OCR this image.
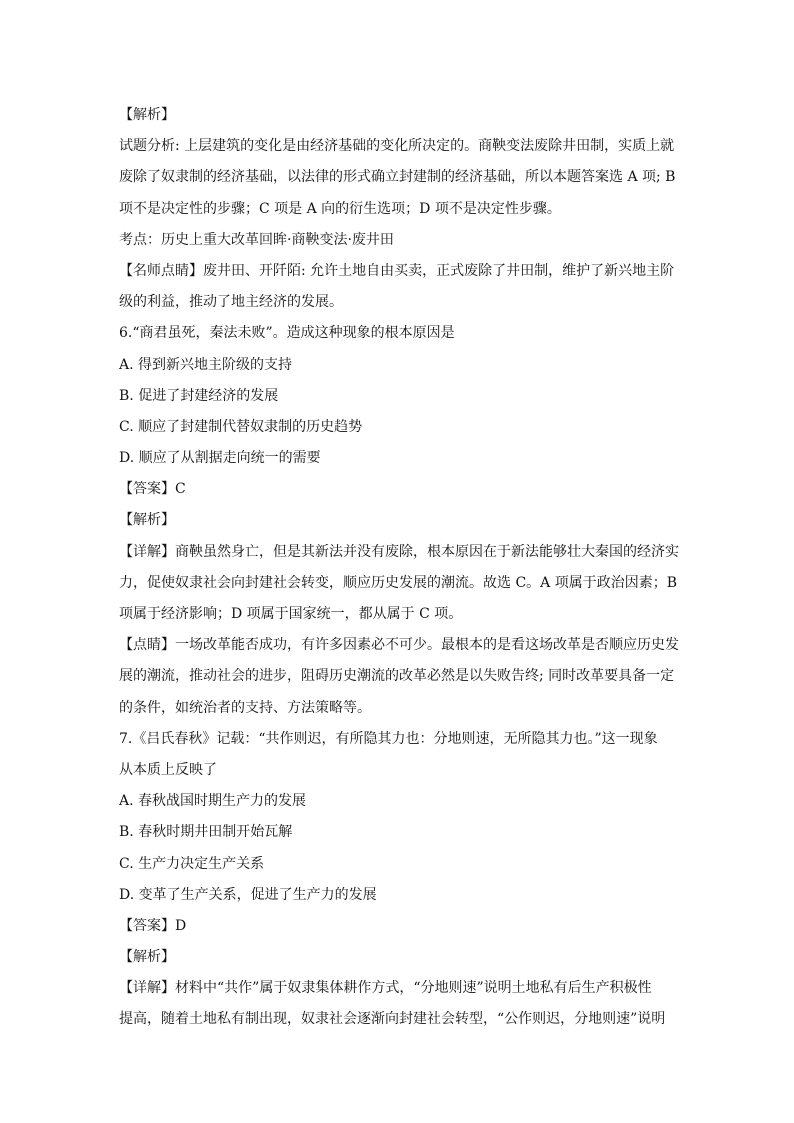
【解析】
试题分析: 上层建筑的变化是由经济基础的变化所决定的。商鞅变法废除井田制，实质上就
废除了奴隶制的经济基础，以法律的形式确立封建制的经济基础，所以本题答案选 A 项; B
项不是决定性的步骤；C 项是 A 向的衍生选项；D 项不是决定性步骤。
考点：历史上重大改革回眸·商鞅变法·废井田
【名师点睛】废井田、开阡陌: 允许土地自由买卖，正式废除了井田制，维护了新兴地主阶
级的利益，推动了地主经济的发展。
6.“商君虽死，秦法未败”。造成这种现象的根本原因是
A. 得到新兴地主阶级的支持
B. 促进了封建经济的发展
C. 顺应了封建制代替奴隶制的历史趋势
D. 顺应了从割据走向统一的需要
【答案】C
【解析】
【详解】商鞅虽然身亡，但是其新法并没有废除，根本原因在于新法能够壮大秦国的经济实
力，促使奴隶社会向封建社会转变，顺应历史发展的潮流。故选 C。A 项属于政治因素；B
项属于经济影响；D 项属于国家统一，都从属于 C 项。
【点睛】一场改革能否成功，有许多因素必不可少。最根本的是看这场改革是否顺应历史发
展的潮流，推动社会的进步，阻碍历史潮流的改革必然是以失败告终; 同时改革要具备一定
的条件，如统治者的支持、方法策略等。
7.《吕氏春秋》记载：“共作则迟，有所隐其力也：分地则速，无所隐其力也。”这一现象
从本质上反映了
A. 春秋战国时期生产力的发展
B. 春秋时期井田制开始瓦解
C. 生产力决定生产关系
D. 变革了生产关系，促进了生产力的发展
【答案】D
【解析】
【详解】材料中“共作”属于奴隶集体耕作方式，“分地则速”说明土地私有后生产积极性
提高，随着土地私有制出现，奴隶社会逐渐向封建社会转型，“公作则迟，分地则速”说明
